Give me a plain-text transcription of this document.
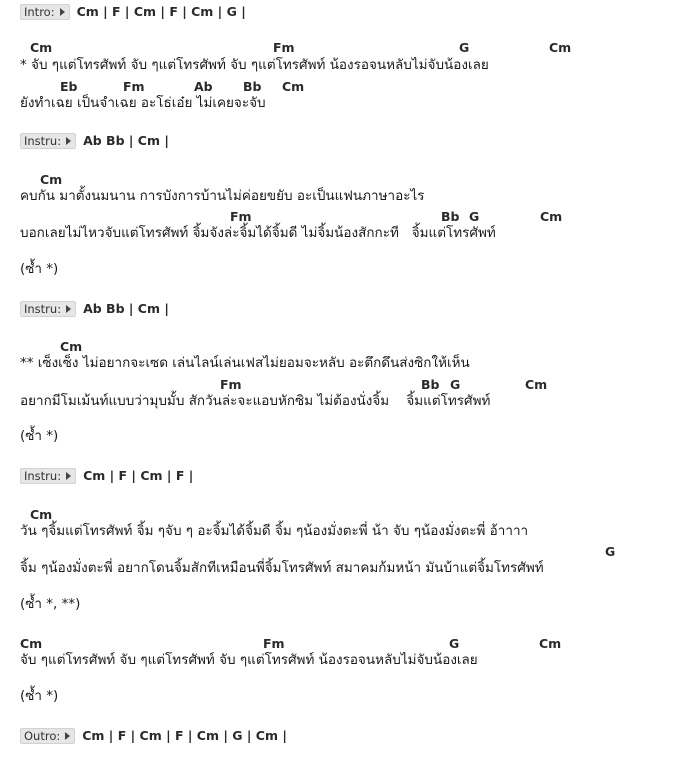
Intro: Cm | F | Cm | F | Cm | G |
Cm	Fm	G	Cm
* จับ ๆแต่โทรศัพท์ จับ ๆแต่โทรศัพท์ จับ ๆแต่โทรศัพท์ น้องรอจนหลับไม่จับน้องเลย
Eb	Fm	Ab Bb Cm
ยังทำเฉย เป็นจำเฉย อะโธ่เอ๋ย ไม่เคยจะจับ
Instru: Ab Bb | Cm |
Cm
คบกัน มาตั้งนมนาน การบังการบ้านไม่ค่อยขยับ อะเป็นแฟนภาษาอะไร
Fm	Bb G	Cm
บอกเลยไม่ไหวจับแต่โทรศัพท์ จิ้มจังล่ะจิ้มได้จิ้มดี ไม่จิ้มน้องสักกะที   จิ้มแต่โทรศัพท์
(ซ้ำ *)
Instru: Ab Bb | Cm |
Cm
** เซ็งเซ็ง ไม่อยากจะเซด เล่นไลน์เล่นเฟสไม่ยอมจะหลับ อะตึกดึนส่งซิกให้เห็น
Fm	Bb G	Cm
อยากมีโมเม้นท์แบบว่ามุบมั้บ สักวันล่ะจะแอบหักซิม ไม่ต้องนั่งจิ้ม    จิ้มแต่โทรศัพท์
(ซ้ำ *)
Instru: Cm | F | Cm | F |
Cm
วัน ๆจิ้มแต่โทรศัพท์ จิ้ม ๆจับ ๆ อะจิ้มได้จิ้มดี จิ้ม ๆน้องมั่งตะพี่ น้า จับ ๆน้องมั่งตะพี่ อ้าาาา
G
จิ้ม ๆน้องมั่งตะพี่ อยากโดนจิ้มสักทีเหมือนพี่จิ้มโทรศัพท์ สมาคมก้มหน้า มันบ้าแต่จิ้มโทรศัพท์
(ซ้ำ *, **)
Cm	Fm	G	Cm
จับ ๆแต่โทรศัพท์ จับ ๆแต่โทรศัพท์ จับ ๆแต่โทรศัพท์ น้องรอจนหลับไม่จับน้องเลย
(ซ้ำ *)
Outro: Cm | F | Cm | F | Cm | G | Cm |
